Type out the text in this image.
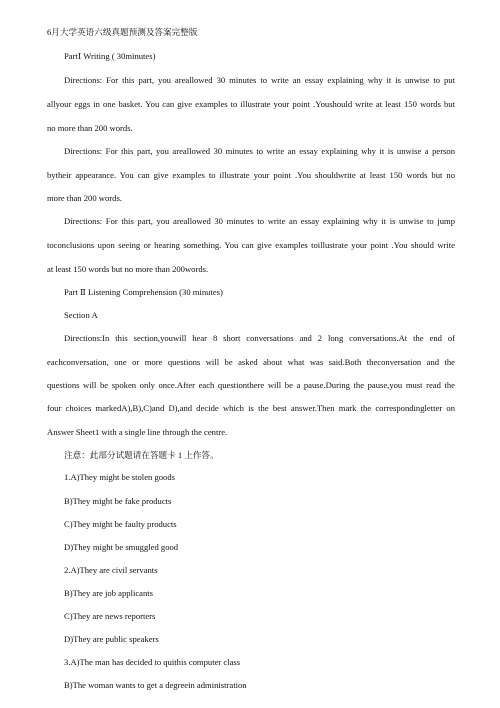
6月大学英语六级真题预测及答案完整版
PartⅠ Writing ( 30minutes)
Directions: For this part, you areallowed 30 minutes to write an essay explaining why it is unwise to put
allyour eggs in one basket. You can give examples to illustrate your point .Youshould write at least 150 words but
no more than 200 words.
Directions: For this part, you areallowed 30 minutes to write an essay explaining why it is unwise a person
bytheir appearance. You can give examples to illustrate your point .You shouldwrite at least 150 words but no
more than 200 words.
Directions: For this part, you areallowed 30 minutes to write an essay explaining why it is unwise to jump
toconclusions upon seeing or hearing something. You can give examples toillustrate your point .You should write
at least 150 words but no more than 200words.
Part Ⅱ Listening Comprehension (30 minutes)
Section A
Directions:In this section,youwill hear 8 short conversations and 2 long conversations.At the end of
eachconversation, one or more questions will be asked about what was said.Both theconversation and the
questions will be spoken only once.After each questionthere will be a pause.During the pause,you must read the
four choices markedA),B),C)and D),and decide which is the best answer.Then mark the correspondingletter on
Answer Sheet1 with a single line through the centre.
注意：此部分试题请在答题卡 1 上作答。
1.A)They might be stolen goods
B)They might be fake products
C)They might be faulty products
D)They might be smuggled good
2.A)They are civil servants
B)They are job applicants
C)They are news reporters
D)They are public speakers
3.A)The man has decided to quithis computer class
B)The woman wants to get a degreein administration
